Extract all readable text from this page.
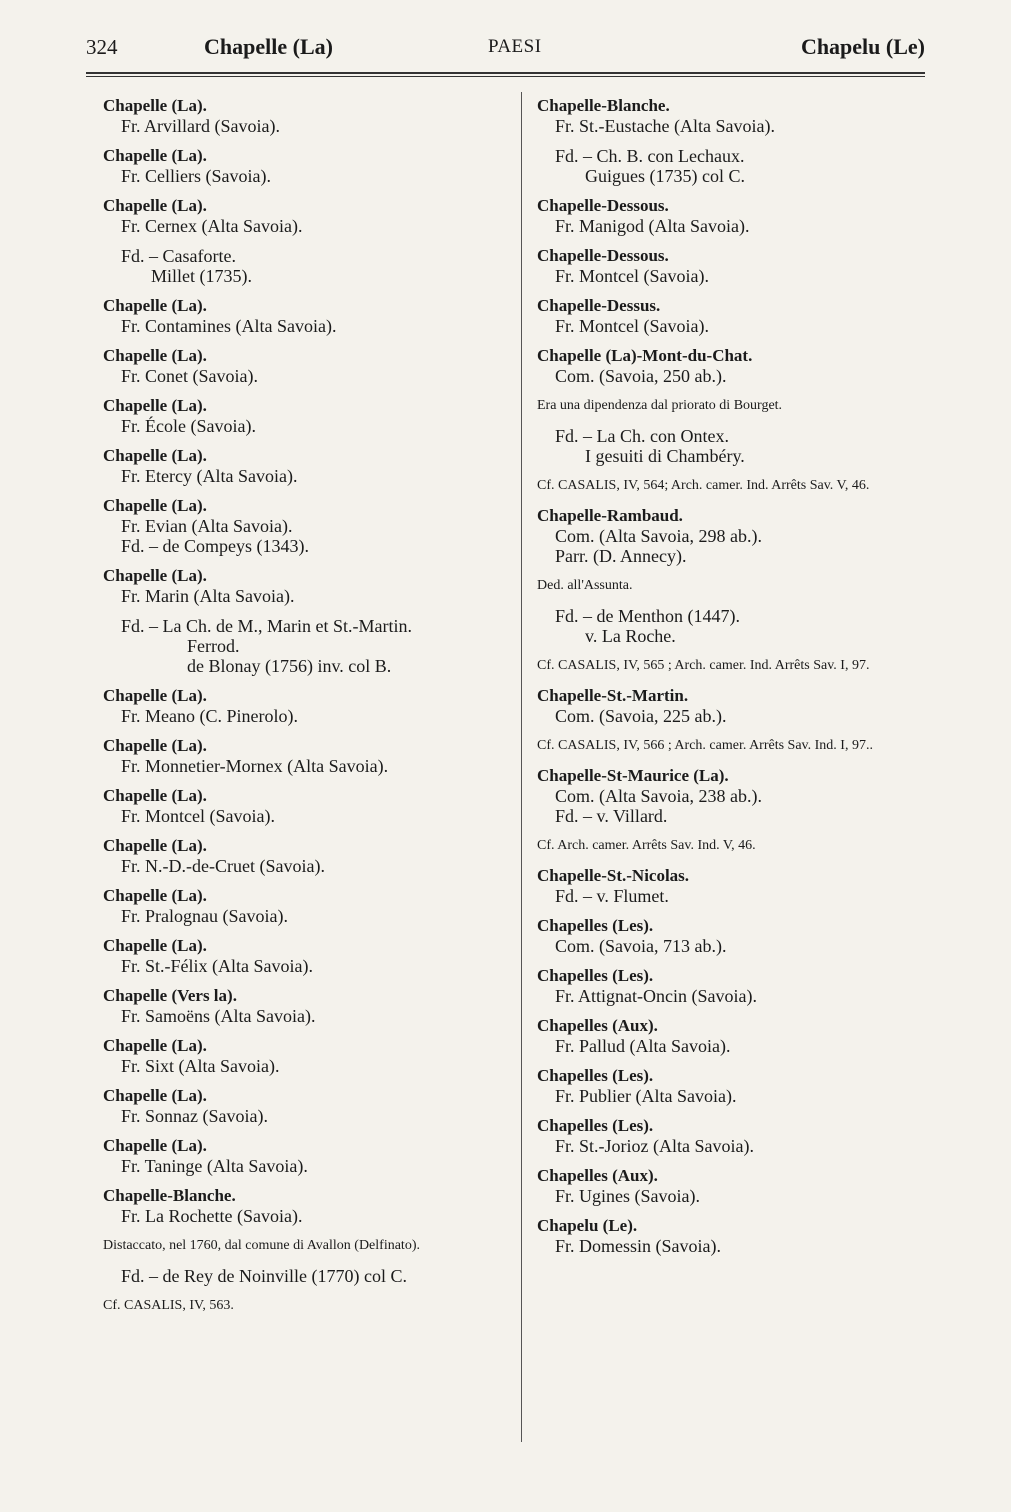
324	Chapelle (La)	PAESI	Chapelu (Le)
Chapelle (La).
Fr. Arvillard (Savoia).
Chapelle (La).
Fr. Celliers (Savoia).
Chapelle (La).
Fr. Cernex (Alta Savoia).
Fd. – Casaforte.
Millet (1735).
Chapelle (La).
Fr. Contamines (Alta Savoia).
Chapelle (La).
Fr. Conet (Savoia).
Chapelle (La).
Fr. École (Savoia).
Chapelle (La).
Fr. Etercy (Alta Savoia).
Chapelle (La).
Fr. Evian (Alta Savoia).
Fd. – de Compeys (1343).
Chapelle (La).
Fr. Marin (Alta Savoia).
Fd. – La Ch. de M., Marin et St.-Martin.
Ferrod.
de Blonay (1756) inv. col B.
Chapelle (La).
Fr. Meano (C. Pinerolo).
Chapelle (La).
Fr. Monnetier-Mornex (Alta Savoia).
Chapelle (La).
Fr. Montcel (Savoia).
Chapelle (La).
Fr. N.-D.-de-Cruet (Savoia).
Chapelle (La).
Fr. Pralognau (Savoia).
Chapelle (La).
Fr. St.-Félix (Alta Savoia).
Chapelle (Vers la).
Fr. Samoëns (Alta Savoia).
Chapelle (La).
Fr. Sixt (Alta Savoia).
Chapelle (La).
Fr. Sonnaz (Savoia).
Chapelle (La).
Fr. Taninge (Alta Savoia).
Chapelle-Blanche.
Fr. La Rochette (Savoia).
Distaccato, nel 1760, dal comune di Avallon (Delfinato).
Fd. – de Rey de Noinville (1770) col C.
Cf. CASALIS, IV, 563.
Chapelle-Blanche.
Fr. St.-Eustache (Alta Savoia).
Fd. – Ch. B. con Lechaux.
Guigues (1735) col C.
Chapelle-Dessous.
Fr. Manigod (Alta Savoia).
Chapelle-Dessous.
Fr. Montcel (Savoia).
Chapelle-Dessus.
Fr. Montcel (Savoia).
Chapelle (La)-Mont-du-Chat.
Com. (Savoia, 250 ab.).
Era una dipendenza dal priorato di Bourget.
Fd. – La Ch. con Ontex.
I gesuiti di Chambéry.
Cf. CASALIS, IV, 564; Arch. camer. Ind. Arrêts Sav. V, 46.
Chapelle-Rambaud.
Com. (Alta Savoia, 298 ab.).
Parr. (D. Annecy).
Ded. all'Assunta.
Fd. – de Menthon (1447).
v. La Roche.
Cf. CASALIS, IV, 565 ; Arch. camer. Ind. Arrêts Sav. I, 97.
Chapelle-St.-Martin.
Com. (Savoia, 225 ab.).
Cf. CASALIS, IV, 566 ; Arch. camer. Arrêts Sav. Ind. I, 97..
Chapelle-St-Maurice (La).
Com. (Alta Savoia, 238 ab.).
Fd. – v. Villard.
Cf. Arch. camer. Arrêts Sav. Ind. V, 46.
Chapelle-St.-Nicolas.
Fd. – v. Flumet.
Chapelles (Les).
Com. (Savoia, 713 ab.).
Chapelles (Les).
Fr. Attignat-Oncin (Savoia).
Chapelles (Aux).
Fr. Pallud (Alta Savoia).
Chapelles (Les).
Fr. Publier (Alta Savoia).
Chapelles (Les).
Fr. St.-Jorioz (Alta Savoia).
Chapelles (Aux).
Fr. Ugines (Savoia).
Chapelu (Le).
Fr. Domessin (Savoia).
